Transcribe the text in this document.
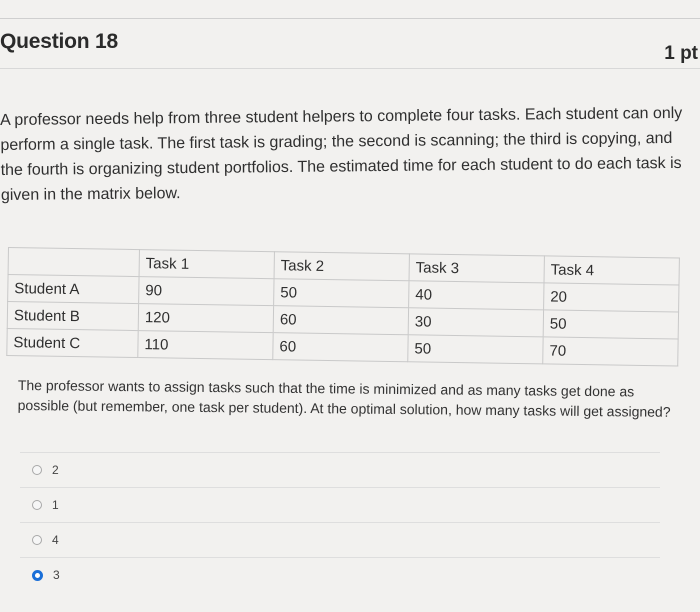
Question 18
1 pt
A professor needs help from three student helpers to complete four tasks. Each student can only perform a single task. The first task is grading; the second is scanning; the third is copying, and the fourth is organizing student portfolios. The estimated time for each student to do each task is given in the matrix below.
	Task 1	Task 2	Task 3	Task 4
Student A	90	50	40	20
Student B	120	60	30	50
Student C	110	60	50	70
The professor wants to assign tasks such that the time is minimized and as many tasks get done as possible (but remember, one task per student). At the optimal solution, how many tasks will get assigned?
2
1
4
3
